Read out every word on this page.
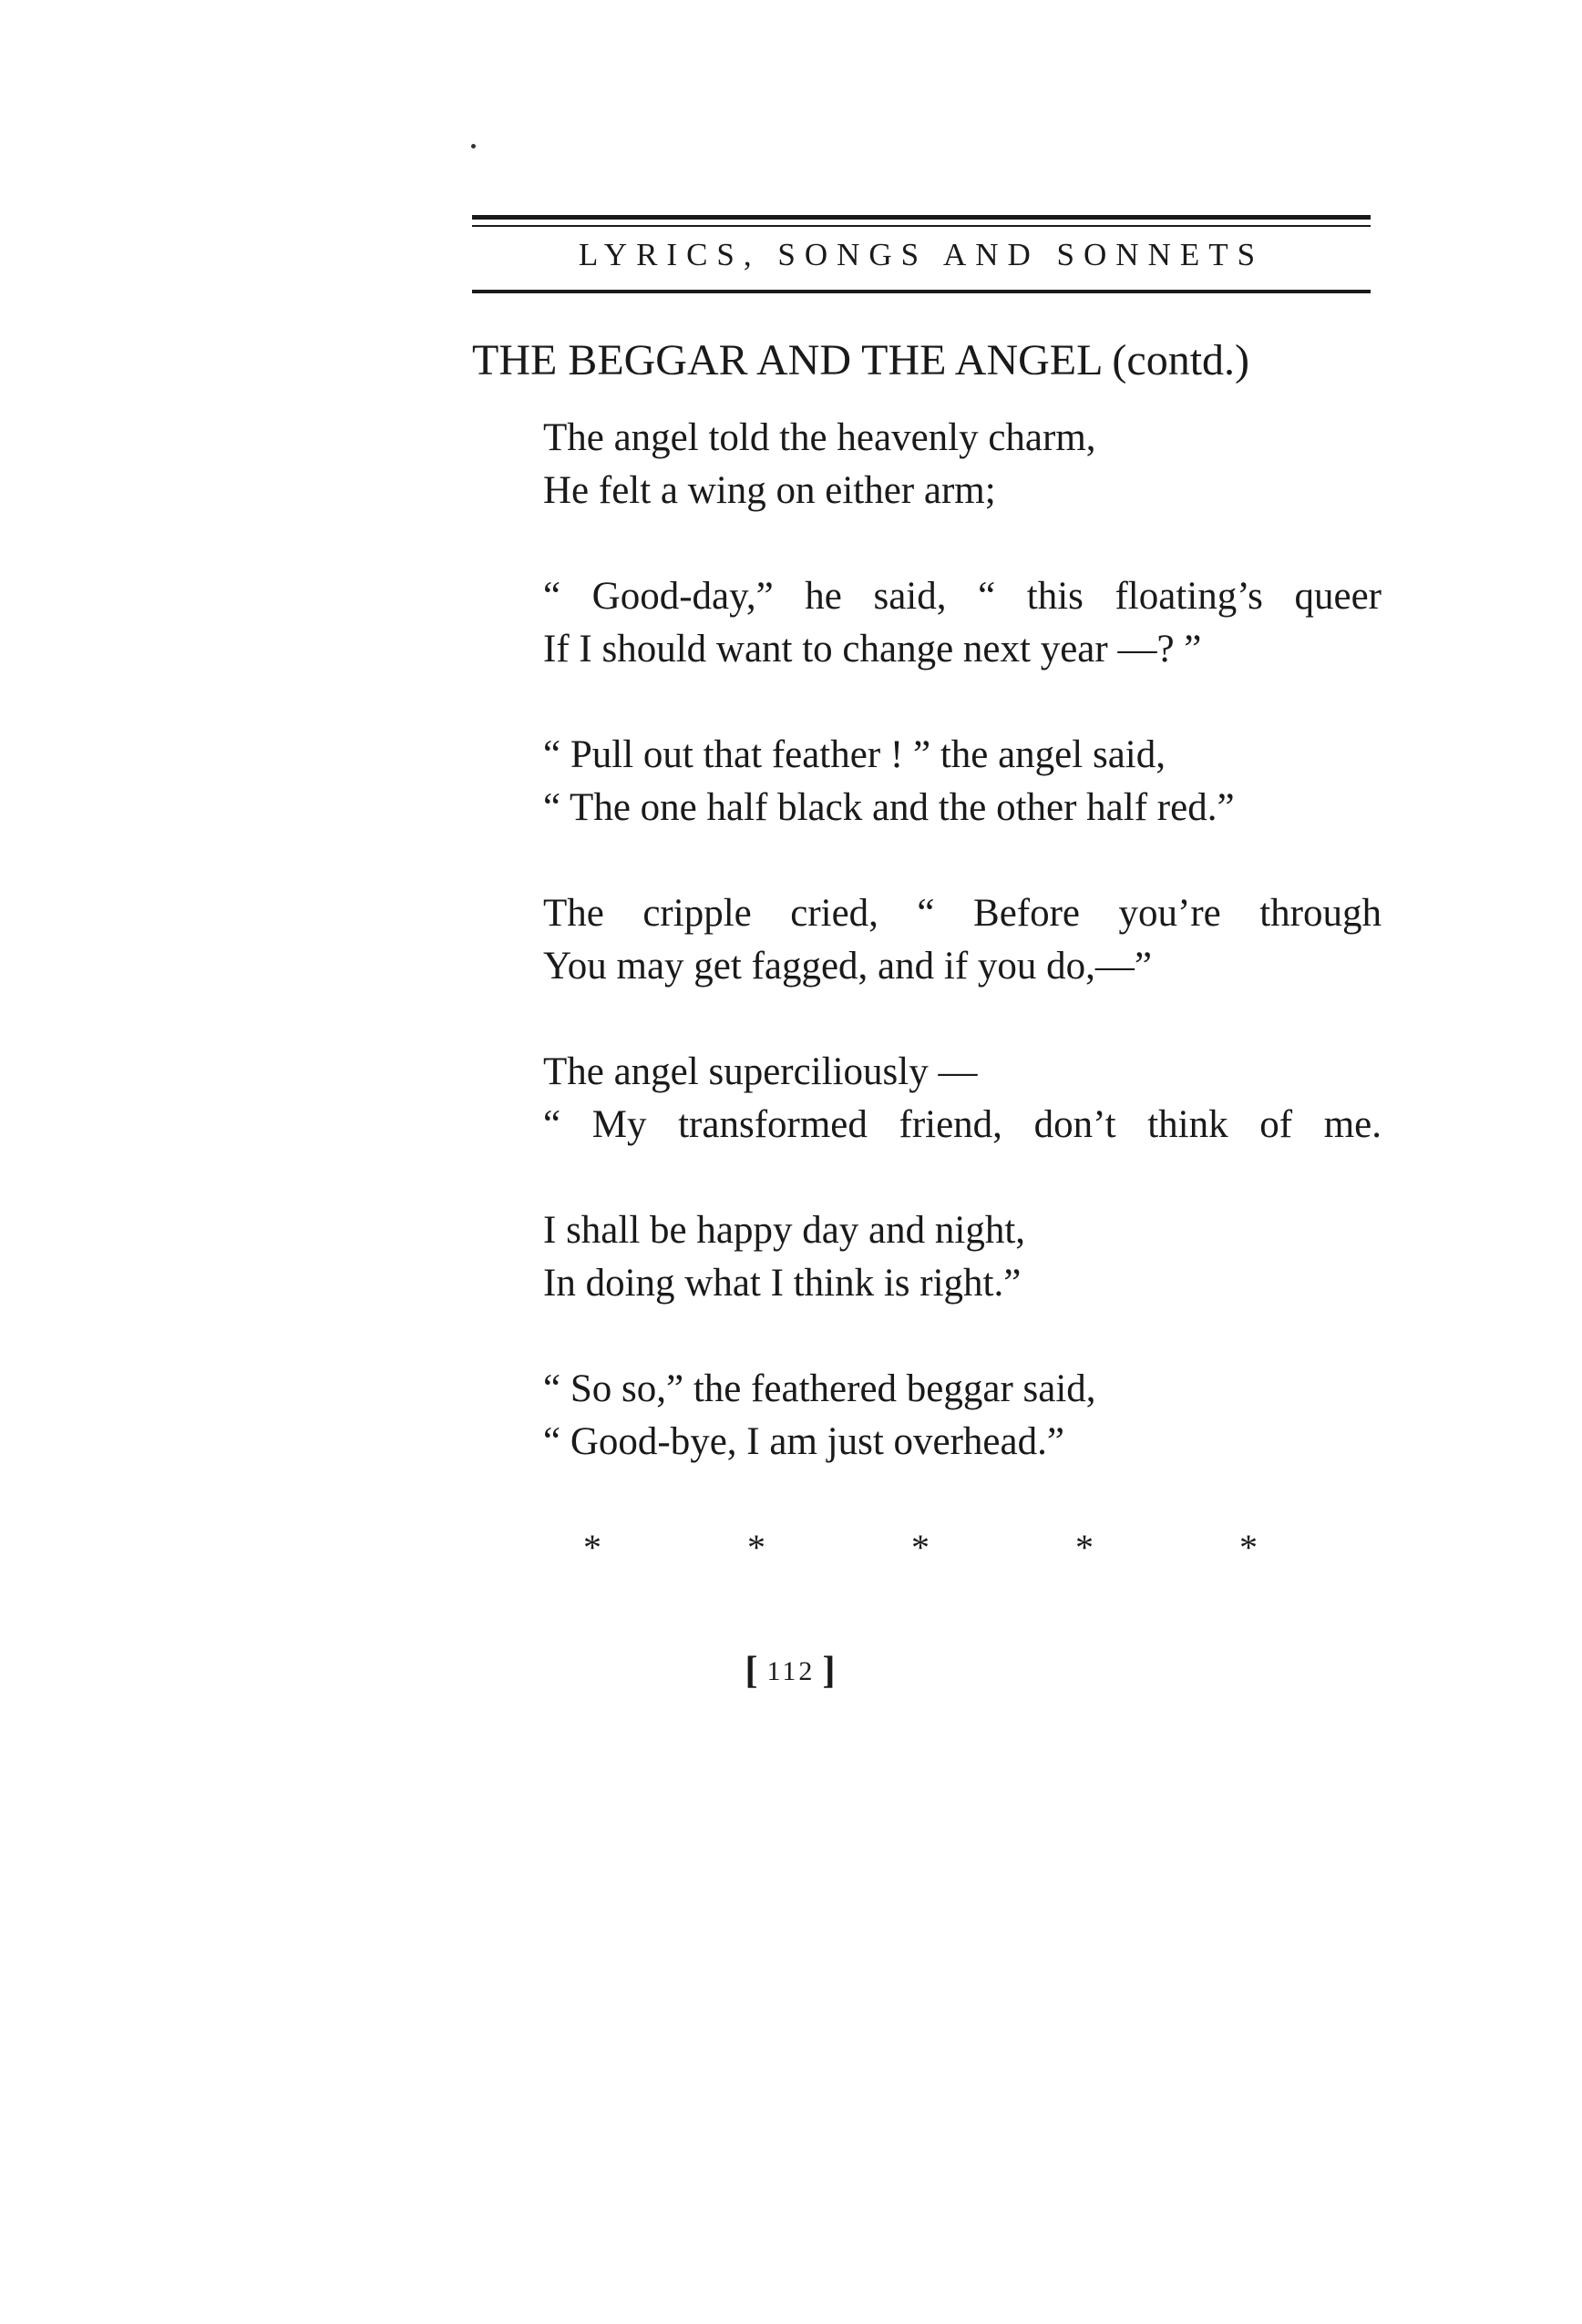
LYRICS, SONGS AND SONNETS
THE BEGGAR AND THE ANGEL (contd.)
The angel told the heavenly charm,
He felt a wing on either arm;
“ Good-day,” he said, “ this floating’s queer
If I should want to change next year —? ”
“ Pull out that feather ! ” the angel said,
“ The one half black and the other half red.”
The cripple cried, “ Before you’re through
You may get fagged, and if you do,—”
The angel superciliously —
“ My transformed friend, don’t think of me.
I shall be happy day and night,
In doing what I think is right.”
“ So so,” the feathered beggar said,
“ Good-bye, I am just overhead.”
*	*	*	*	*
[ 112 ]
